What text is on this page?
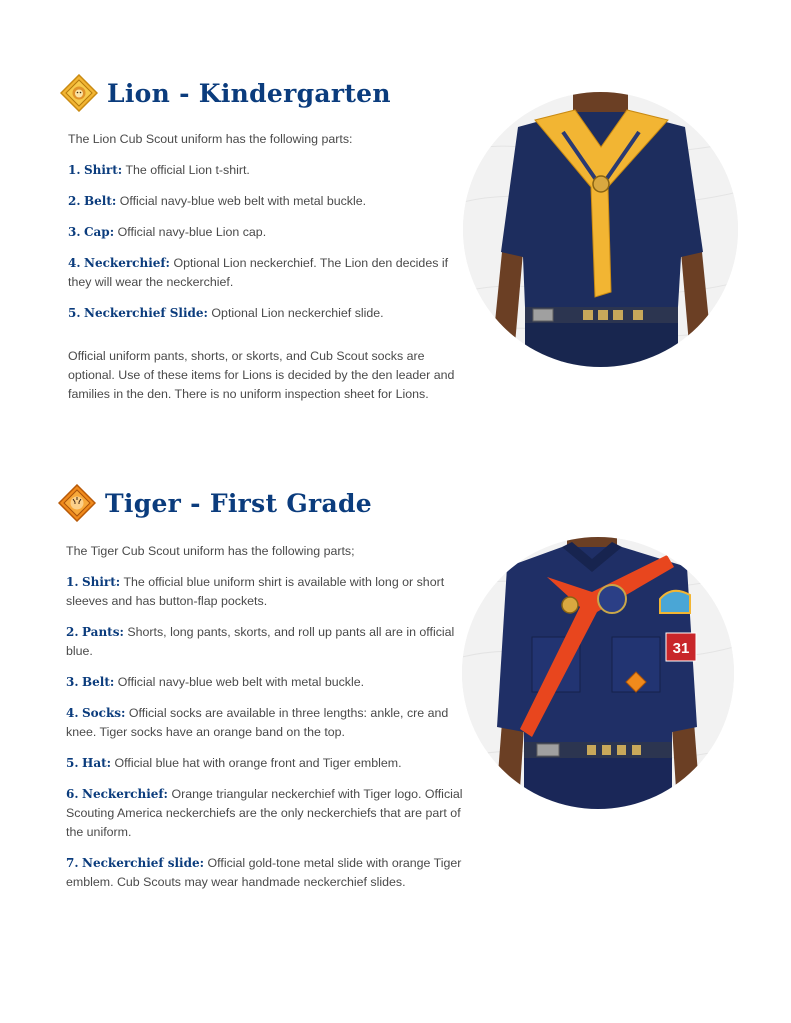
Lion - Kindergarten

The Lion Cub Scout uniform has the following parts:

1. Shirt: The official Lion t-shirt.

2. Belt: Official navy-blue web belt with metal buckle.

3. Cap: Official navy-blue Lion cap.

4. Neckerchief: Optional Lion neckerchief. The Lion den decides if they will wear the neckerchief.

5. Neckerchief Slide: Optional Lion neckerchief slide.

Official uniform pants, shorts, or skorts, and Cub Scout socks are optional. Use of these items for Lions is decided by the den leader and families in the den. There is no uniform inspection sheet for Lions.

Tiger - First Grade

The Tiger Cub Scout uniform has the following parts;

1. Shirt: The official blue uniform shirt is available with long or short sleeves and has button-flap pockets.

2. Pants: Shorts, long pants, skorts, and roll up pants all are in official blue.

3. Belt: Official navy-blue web belt with metal buckle.

4. Socks: Official socks are available in three lengths: ankle, cre and knee. Tiger socks have an orange band on the top.

5. Hat: Official blue hat with orange front and Tiger emblem.

6. Neckerchief: Orange triangular neckerchief with Tiger logo. Official Scouting America neckerchiefs are the only neckerchiefs that are part of the uniform.

7. Neckerchief slide: Official gold-tone metal slide with orange Tiger emblem. Cub Scouts may wear handmade neckerchief slides.

31
